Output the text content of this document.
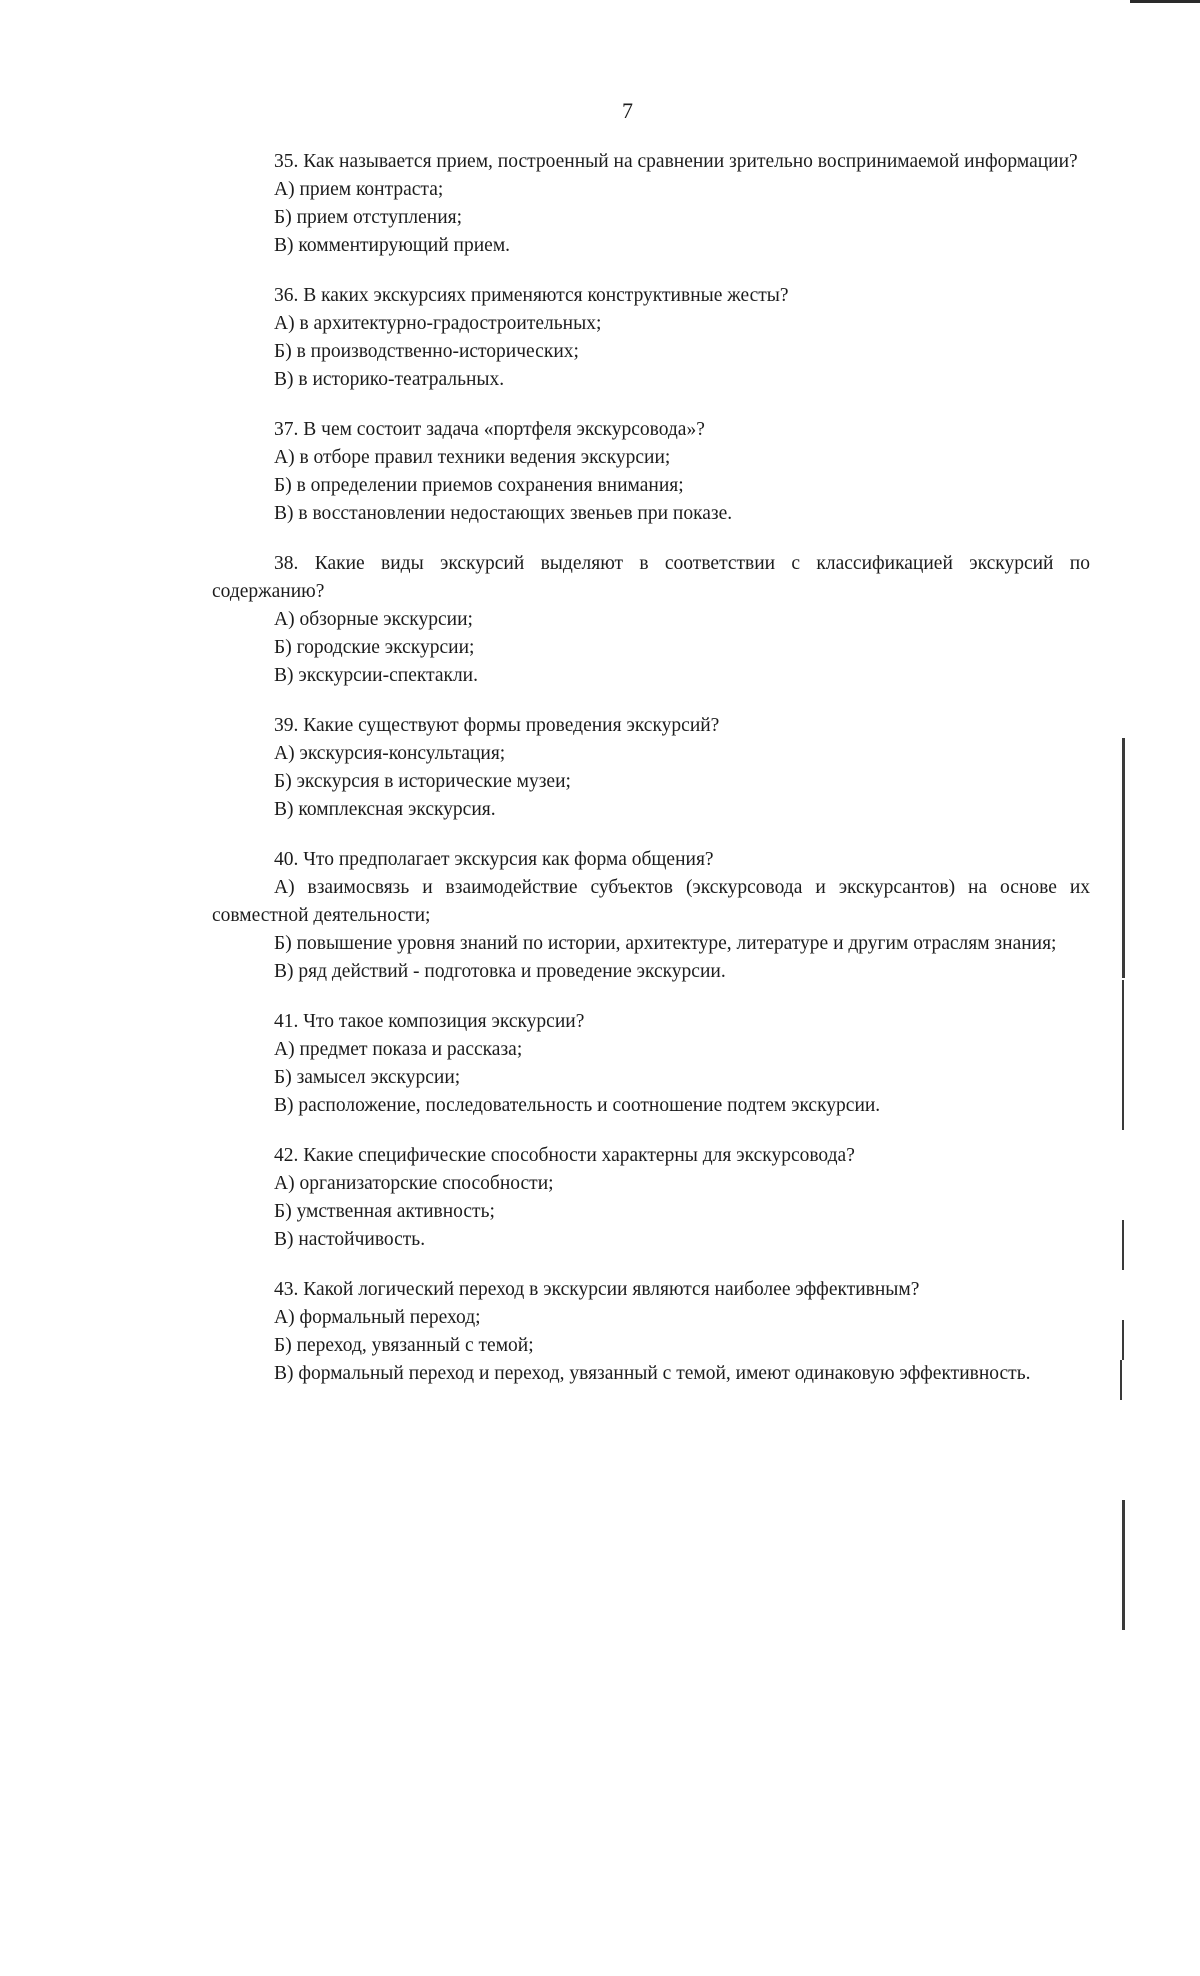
7

35. Как называется прием, построенный на сравнении зрительно воспринимаемой информации?

А) прием контраста;

Б) прием отступления;

В) комментирующий прием.

36. В каких экскурсиях применяются конструктивные жесты?

А) в архитектурно-градостроительных;

Б) в производственно-исторических;

В) в историко-театральных.

37. В чем состоит задача «портфеля экскурсовода»?

А) в отборе правил техники ведения экскурсии;

Б) в определении приемов сохранения внимания;

В) в восстановлении недостающих звеньев при показе.

38. Какие виды экскурсий выделяют в соответствии с классификацией экскурсий по содержанию?

А) обзорные экскурсии;

Б) городские экскурсии;

В) экскурсии-спектакли.

39. Какие существуют формы проведения экскурсий?

А) экскурсия-консультация;

Б) экскурсия в исторические музеи;

В) комплексная экскурсия.

40. Что предполагает экскурсия как форма общения?

А) взаимосвязь и взаимодействие субъектов (экскурсовода и экскурсантов) на основе их совместной деятельности;

Б) повышение уровня знаний по истории, архитектуре, литературе и другим отраслям знания;

В) ряд действий - подготовка и проведение экскурсии.

41. Что такое композиция экскурсии?

А) предмет показа и рассказа;

Б) замысел экскурсии;

В) расположение, последовательность и соотношение подтем экскурсии.

42. Какие специфические способности характерны для экскурсовода?

А) организаторские способности;

Б) умственная активность;

В) настойчивость.

43. Какой логический переход в экскурсии являются наиболее эффективным?

А) формальный переход;

Б) переход, увязанный с темой;

В) формальный переход и переход, увязанный с темой, имеют одинаковую эффективность.
